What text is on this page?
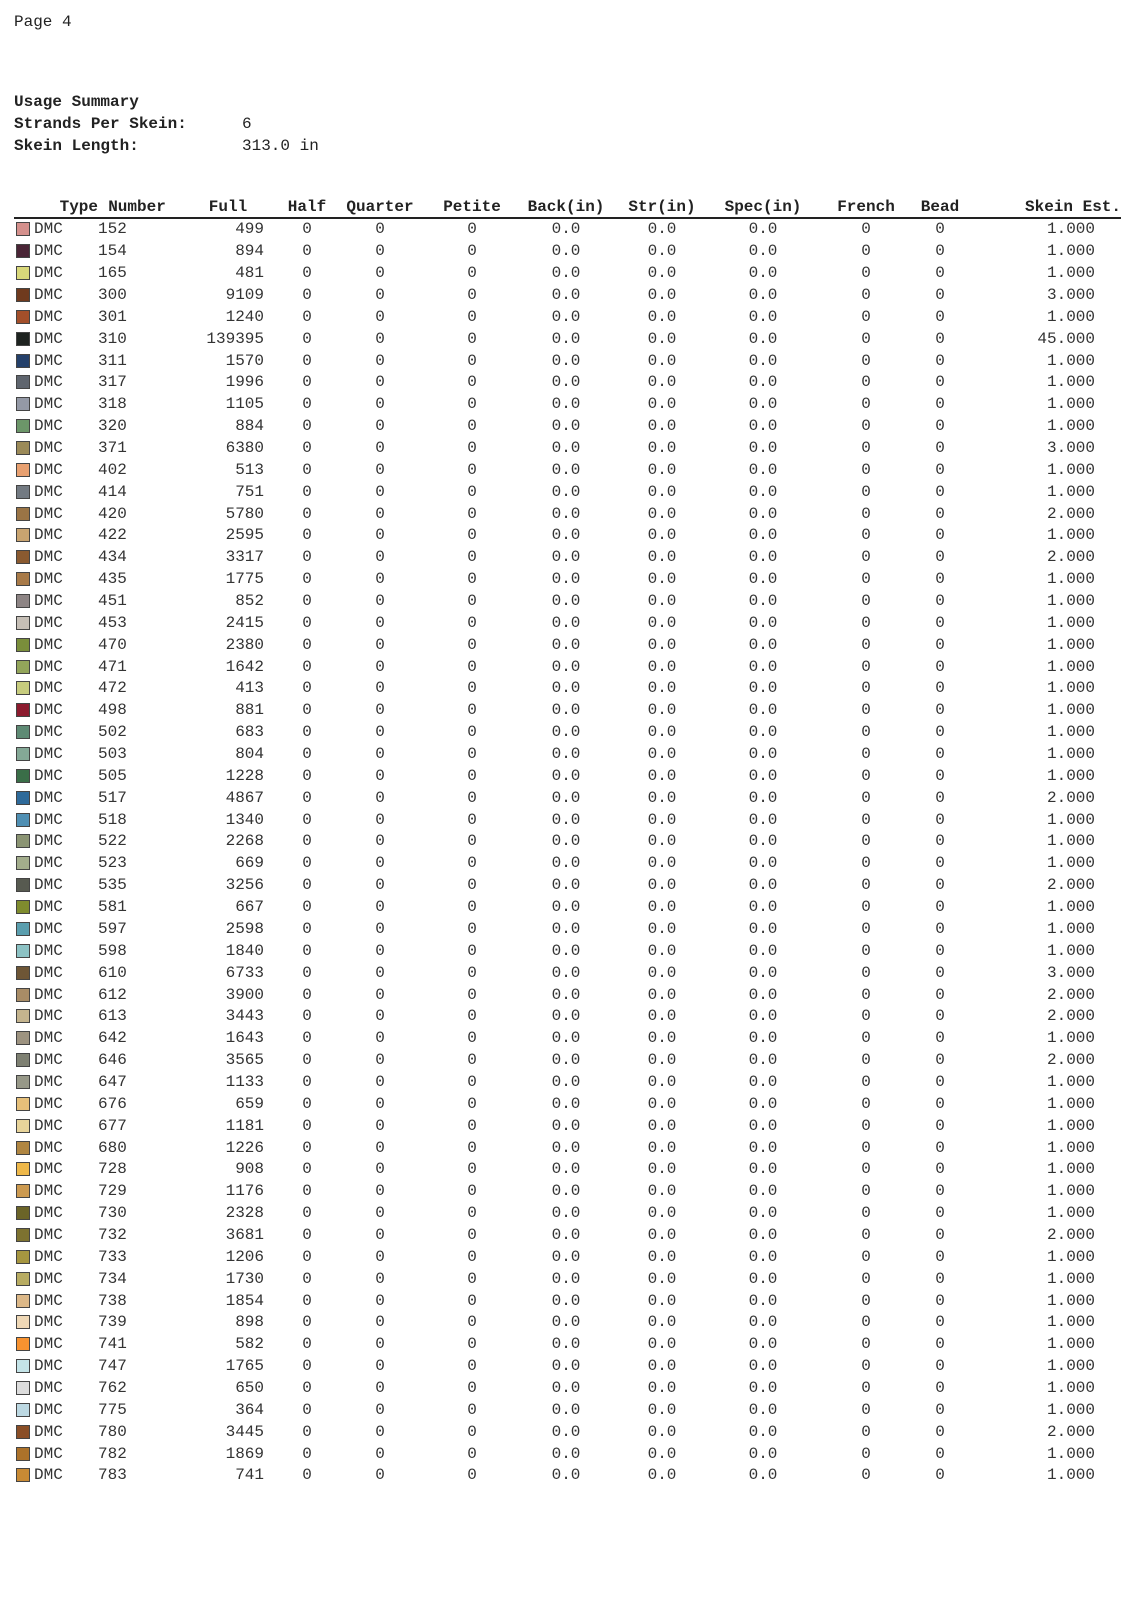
Page 4
Usage Summary
Strands Per Skein:	6
Skein Length:	313.0 in
Type	Number	Full	Half	Quarter	Petite	Back(in)	Str(in)	Spec(in)	French	Bead	Skein Est.
DMC	152	499	0	0	0	0.0	0.0	0.0	0	0	1.000
DMC	154	894	0	0	0	0.0	0.0	0.0	0	0	1.000
DMC	165	481	0	0	0	0.0	0.0	0.0	0	0	1.000
DMC	300	9109	0	0	0	0.0	0.0	0.0	0	0	3.000
DMC	301	1240	0	0	0	0.0	0.0	0.0	0	0	1.000
DMC	310	139395	0	0	0	0.0	0.0	0.0	0	0	45.000
DMC	311	1570	0	0	0	0.0	0.0	0.0	0	0	1.000
DMC	317	1996	0	0	0	0.0	0.0	0.0	0	0	1.000
DMC	318	1105	0	0	0	0.0	0.0	0.0	0	0	1.000
DMC	320	884	0	0	0	0.0	0.0	0.0	0	0	1.000
DMC	371	6380	0	0	0	0.0	0.0	0.0	0	0	3.000
DMC	402	513	0	0	0	0.0	0.0	0.0	0	0	1.000
DMC	414	751	0	0	0	0.0	0.0	0.0	0	0	1.000
DMC	420	5780	0	0	0	0.0	0.0	0.0	0	0	2.000
DMC	422	2595	0	0	0	0.0	0.0	0.0	0	0	1.000
DMC	434	3317	0	0	0	0.0	0.0	0.0	0	0	2.000
DMC	435	1775	0	0	0	0.0	0.0	0.0	0	0	1.000
DMC	451	852	0	0	0	0.0	0.0	0.0	0	0	1.000
DMC	453	2415	0	0	0	0.0	0.0	0.0	0	0	1.000
DMC	470	2380	0	0	0	0.0	0.0	0.0	0	0	1.000
DMC	471	1642	0	0	0	0.0	0.0	0.0	0	0	1.000
DMC	472	413	0	0	0	0.0	0.0	0.0	0	0	1.000
DMC	498	881	0	0	0	0.0	0.0	0.0	0	0	1.000
DMC	502	683	0	0	0	0.0	0.0	0.0	0	0	1.000
DMC	503	804	0	0	0	0.0	0.0	0.0	0	0	1.000
DMC	505	1228	0	0	0	0.0	0.0	0.0	0	0	1.000
DMC	517	4867	0	0	0	0.0	0.0	0.0	0	0	2.000
DMC	518	1340	0	0	0	0.0	0.0	0.0	0	0	1.000
DMC	522	2268	0	0	0	0.0	0.0	0.0	0	0	1.000
DMC	523	669	0	0	0	0.0	0.0	0.0	0	0	1.000
DMC	535	3256	0	0	0	0.0	0.0	0.0	0	0	2.000
DMC	581	667	0	0	0	0.0	0.0	0.0	0	0	1.000
DMC	597	2598	0	0	0	0.0	0.0	0.0	0	0	1.000
DMC	598	1840	0	0	0	0.0	0.0	0.0	0	0	1.000
DMC	610	6733	0	0	0	0.0	0.0	0.0	0	0	3.000
DMC	612	3900	0	0	0	0.0	0.0	0.0	0	0	2.000
DMC	613	3443	0	0	0	0.0	0.0	0.0	0	0	2.000
DMC	642	1643	0	0	0	0.0	0.0	0.0	0	0	1.000
DMC	646	3565	0	0	0	0.0	0.0	0.0	0	0	2.000
DMC	647	1133	0	0	0	0.0	0.0	0.0	0	0	1.000
DMC	676	659	0	0	0	0.0	0.0	0.0	0	0	1.000
DMC	677	1181	0	0	0	0.0	0.0	0.0	0	0	1.000
DMC	680	1226	0	0	0	0.0	0.0	0.0	0	0	1.000
DMC	728	908	0	0	0	0.0	0.0	0.0	0	0	1.000
DMC	729	1176	0	0	0	0.0	0.0	0.0	0	0	1.000
DMC	730	2328	0	0	0	0.0	0.0	0.0	0	0	1.000
DMC	732	3681	0	0	0	0.0	0.0	0.0	0	0	2.000
DMC	733	1206	0	0	0	0.0	0.0	0.0	0	0	1.000
DMC	734	1730	0	0	0	0.0	0.0	0.0	0	0	1.000
DMC	738	1854	0	0	0	0.0	0.0	0.0	0	0	1.000
DMC	739	898	0	0	0	0.0	0.0	0.0	0	0	1.000
DMC	741	582	0	0	0	0.0	0.0	0.0	0	0	1.000
DMC	747	1765	0	0	0	0.0	0.0	0.0	0	0	1.000
DMC	762	650	0	0	0	0.0	0.0	0.0	0	0	1.000
DMC	775	364	0	0	0	0.0	0.0	0.0	0	0	1.000
DMC	780	3445	0	0	0	0.0	0.0	0.0	0	0	2.000
DMC	782	1869	0	0	0	0.0	0.0	0.0	0	0	1.000
DMC	783	741	0	0	0	0.0	0.0	0.0	0	0	1.000
